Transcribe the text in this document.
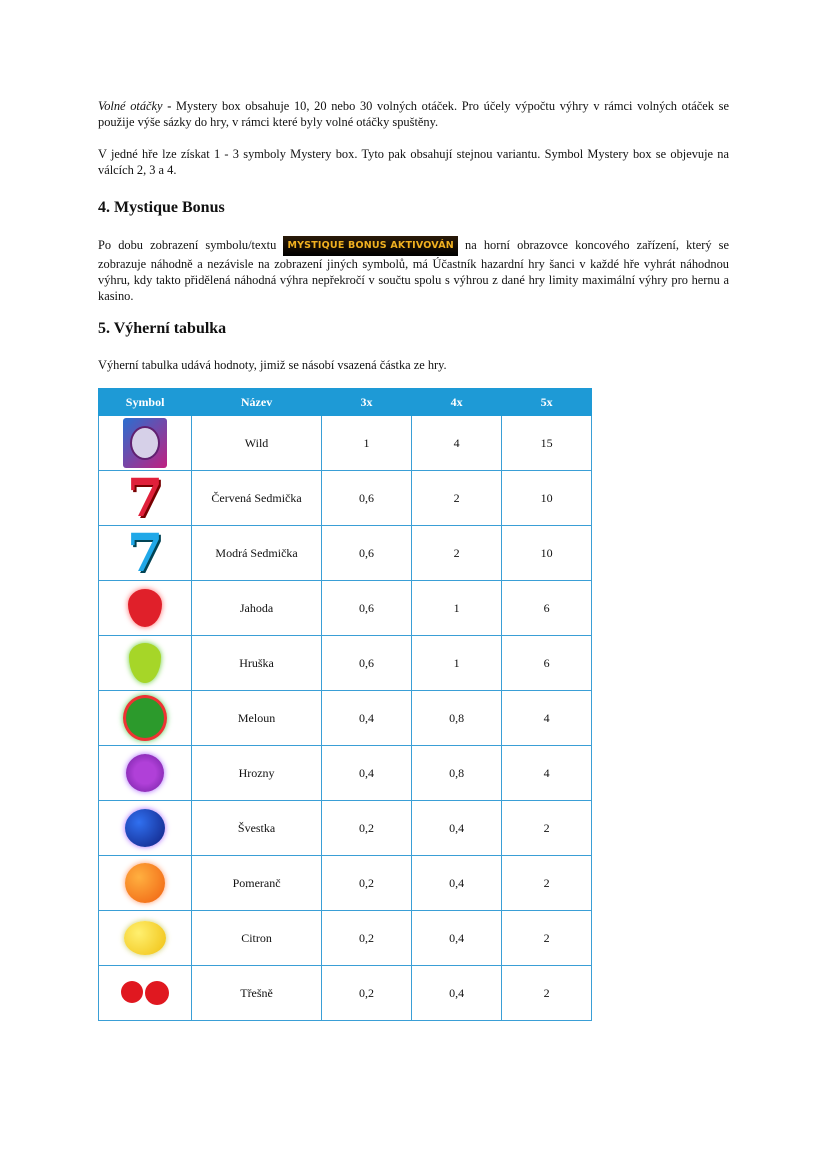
Volné otáčky - Mystery box obsahuje 10, 20 nebo 30 volných otáček. Pro účely výpočtu výhry v rámci volných otáček se použije výše sázky do hry, v rámci které byly volné otáčky spuštěny.
V jedné hře lze získat 1 - 3 symboly Mystery box. Tyto pak obsahují stejnou variantu. Symbol Mystery box se objevuje na válcích 2, 3 a 4.
4. Mystique Bonus
Po dobu zobrazení symbolu/textu MYSTIQUE BONUS AKTIVOVÁN na horní obrazovce koncového zařízení, který se zobrazuje náhodně a nezávisle na zobrazení jiných symbolů, má Účastník hazardní hry šanci v každé hře vyhrát náhodnou výhru, kdy takto přidělená náhodná výhra nepřekročí v součtu spolu s výhrou z dané hry limity maximální výhry pro hernu a kasino.
5. Výherní tabulka
Výherní tabulka udává hodnoty, jimiž se násobí vsazená částka ze hry.
Symbol	Název	3x	4x	5x

	Wild	1	4	15

7	Červená Sedmička	0,6	2	10

7	Modrá Sedmička	0,6	2	10

	Jahoda	0,6	1	6

	Hruška	0,6	1	6

	Meloun	0,4	0,8	4

	Hrozny	0,4	0,8	4

	Švestka	0,2	0,4	2

	Pomeranč	0,2	0,4	2

	Citron	0,2	0,4	2

	Třešně	0,2	0,4	2
